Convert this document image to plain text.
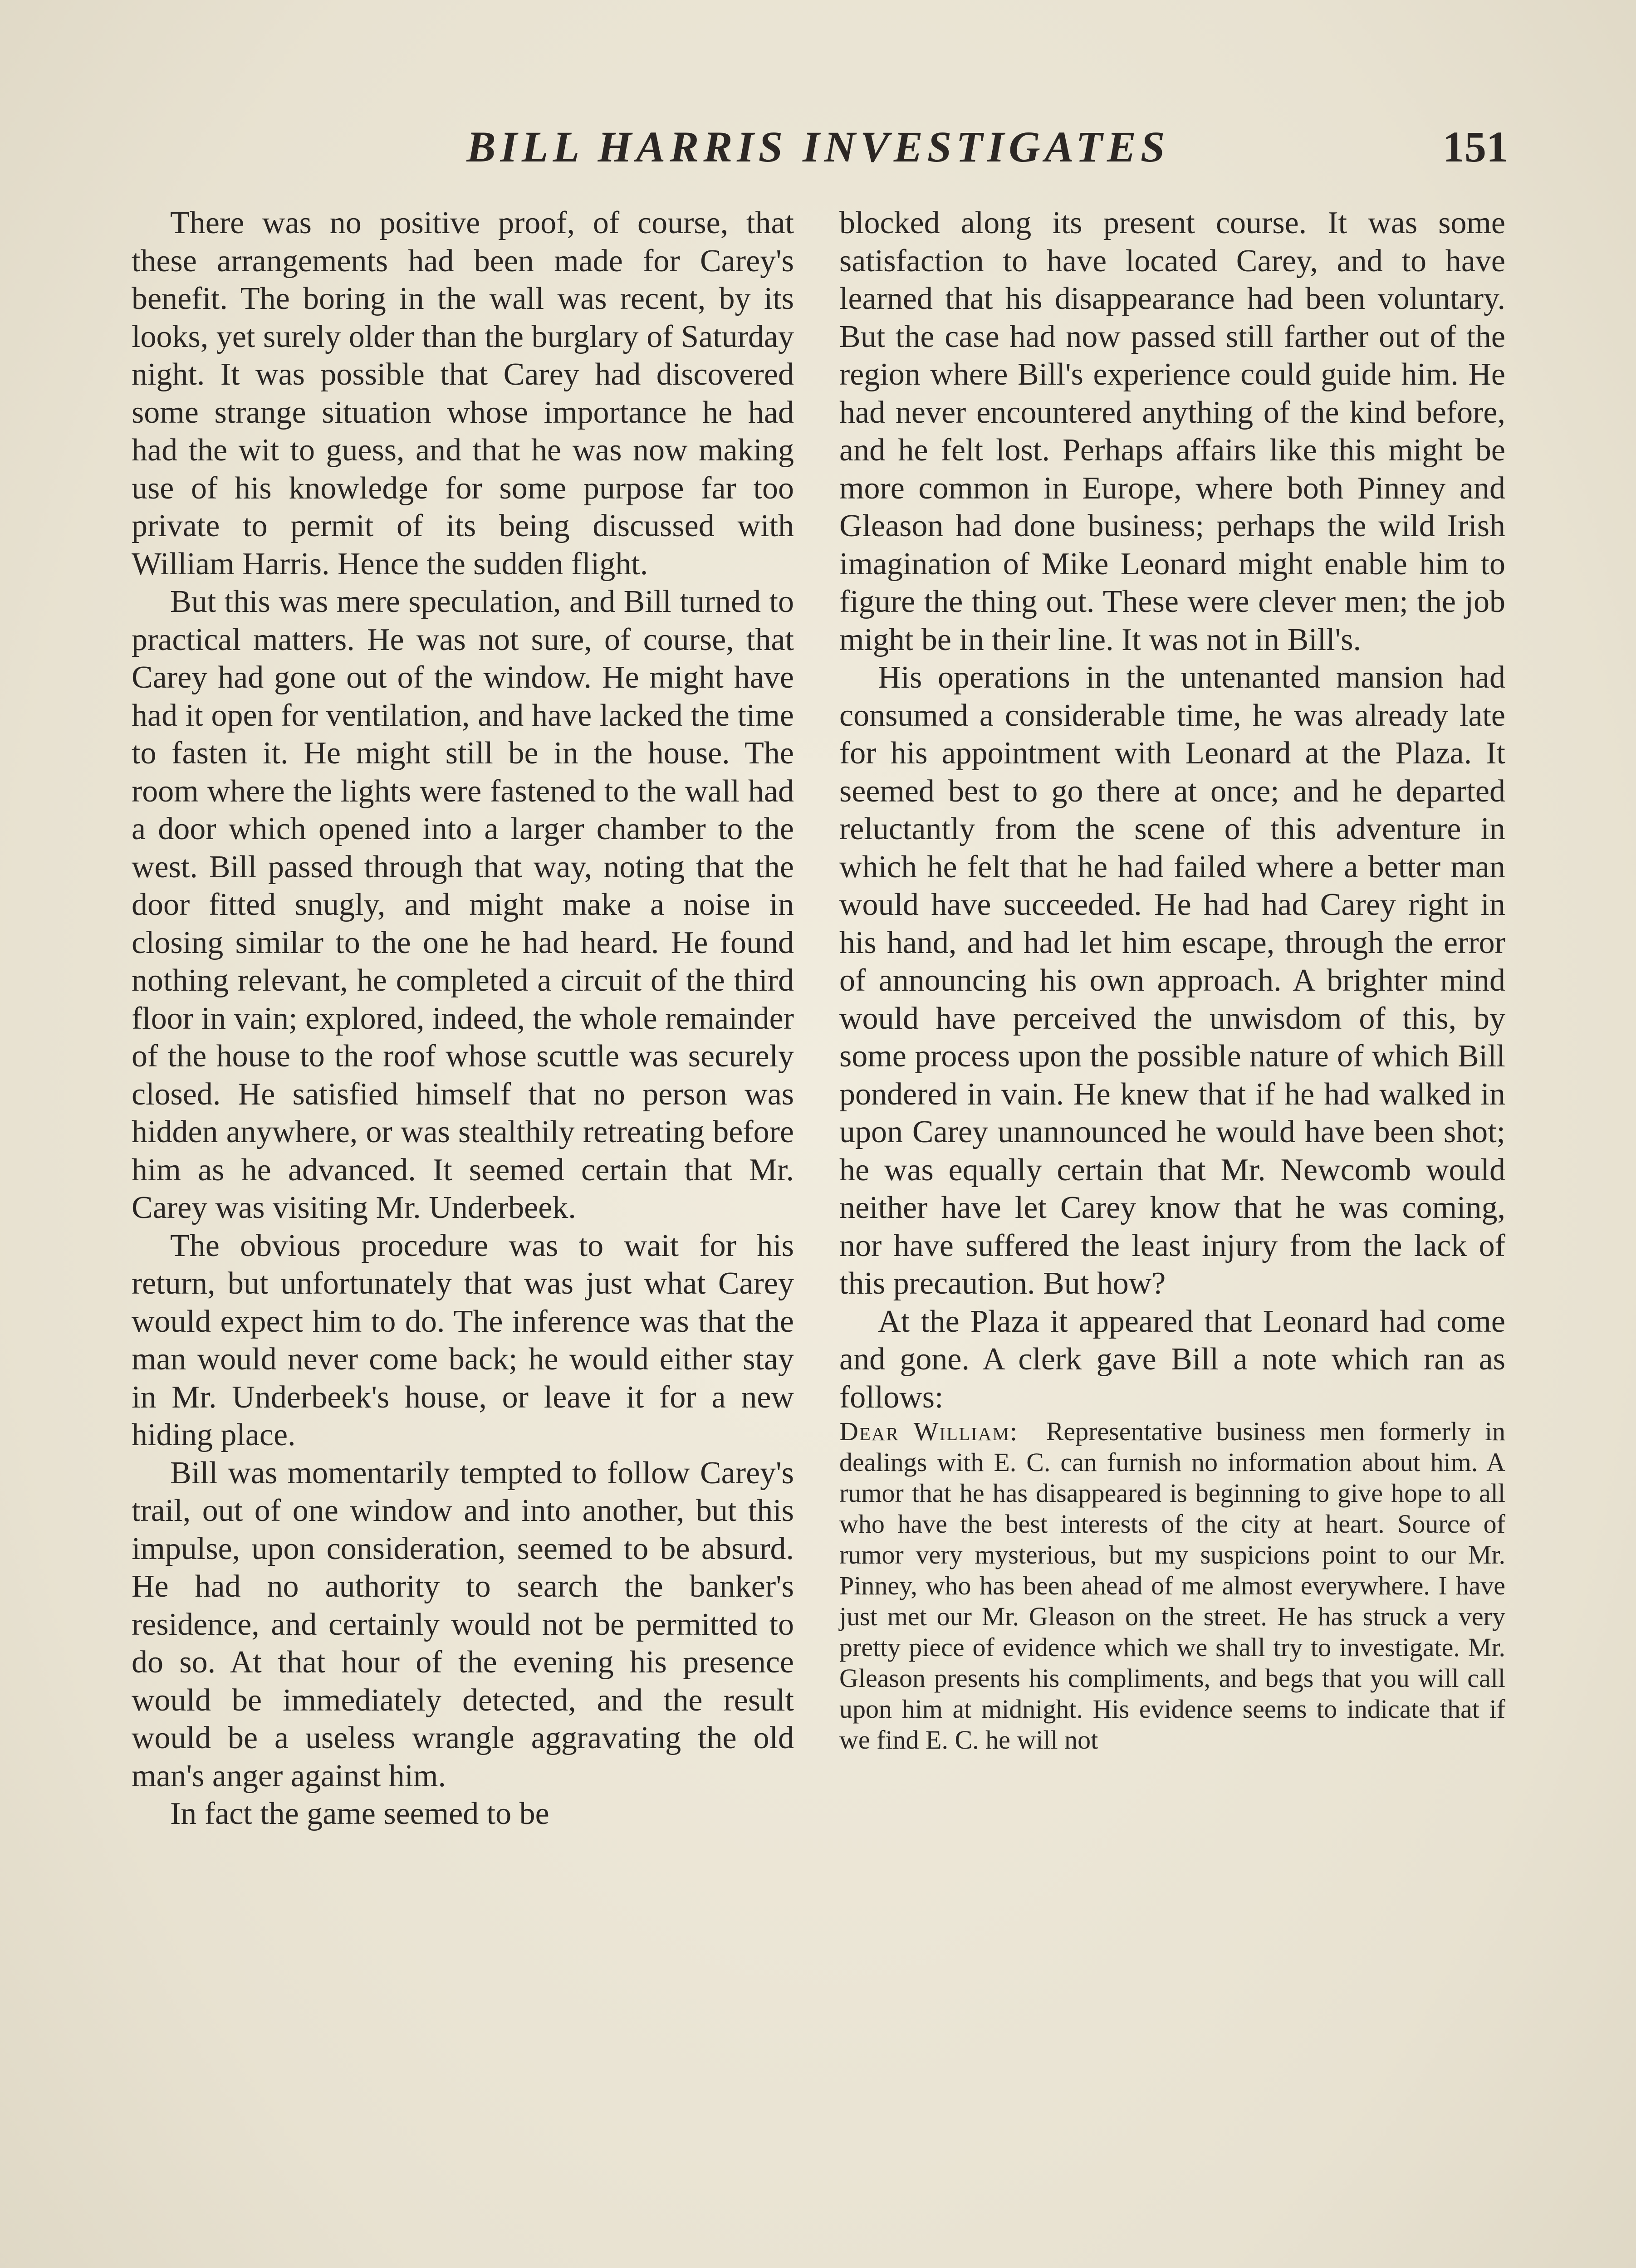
BILL HARRIS INVESTIGATES	151

There was no positive proof, of course, that these arrangements had been made for Carey's benefit. The boring in the wall was recent, by its looks, yet surely older than the burglary of Saturday night. It was possible that Carey had discovered some strange situation whose importance he had had the wit to guess, and that he was now making use of his knowledge for some purpose far too private to permit of its being discussed with William Harris. Hence the sudden flight.

But this was mere speculation, and Bill turned to practical matters. He was not sure, of course, that Carey had gone out of the window. He might have had it open for ventilation, and have lacked the time to fasten it. He might still be in the house. The room where the lights were fastened to the wall had a door which opened into a larger chamber to the west. Bill passed through that way, noting that the door fitted snugly, and might make a noise in closing similar to the one he had heard. He found nothing relevant, he completed a circuit of the third floor in vain; explored, indeed, the whole remainder of the house to the roof whose scuttle was securely closed. He satisfied himself that no person was hidden anywhere, or was stealthily retreating before him as he advanced. It seemed certain that Mr. Carey was visiting Mr. Underbeek.

The obvious procedure was to wait for his return, but unfortunately that was just what Carey would expect him to do. The inference was that the man would never come back; he would either stay in Mr. Underbeek's house, or leave it for a new hiding place.

Bill was momentarily tempted to follow Carey's trail, out of one window and into another, but this impulse, upon consideration, seemed to be absurd. He had no authority to search the banker's residence, and certainly would not be permitted to do so. At that hour of the evening his presence would be immediately detected, and the result would be a useless wrangle aggravating the old man's anger against him.

In fact the game seemed to be

blocked along its present course. It was some satisfaction to have located Carey, and to have learned that his disappearance had been voluntary. But the case had now passed still farther out of the region where Bill's experience could guide him. He had never encountered anything of the kind before, and he felt lost. Perhaps affairs like this might be more common in Europe, where both Pinney and Gleason had done business; perhaps the wild Irish imagination of Mike Leonard might enable him to figure the thing out. These were clever men; the job might be in their line. It was not in Bill's.

His operations in the untenanted mansion had consumed a considerable time, he was already late for his appointment with Leonard at the Plaza. It seemed best to go there at once; and he departed reluctantly from the scene of this adventure in which he felt that he had failed where a better man would have succeeded. He had had Carey right in his hand, and had let him escape, through the error of announcing his own approach. A brighter mind would have perceived the unwisdom of this, by some process upon the possible nature of which Bill pondered in vain. He knew that if he had walked in upon Carey unannounced he would have been shot; he was equally certain that Mr. Newcomb would neither have let Carey know that he was coming, nor have suffered the least injury from the lack of this precaution. But how?

At the Plaza it appeared that Leonard had come and gone. A clerk gave Bill a note which ran as follows:

Dear William: Representative business men formerly in dealings with E. C. can furnish no information about him. A rumor that he has disappeared is beginning to give hope to all who have the best interests of the city at heart. Source of rumor very mysterious, but my suspicions point to our Mr. Pinney, who has been ahead of me almost everywhere. I have just met our Mr. Gleason on the street. He has struck a very pretty piece of evidence which we shall try to investigate. Mr. Gleason presents his compliments, and begs that you will call upon him at midnight. His evidence seems to indicate that if we find E. C. he will not
